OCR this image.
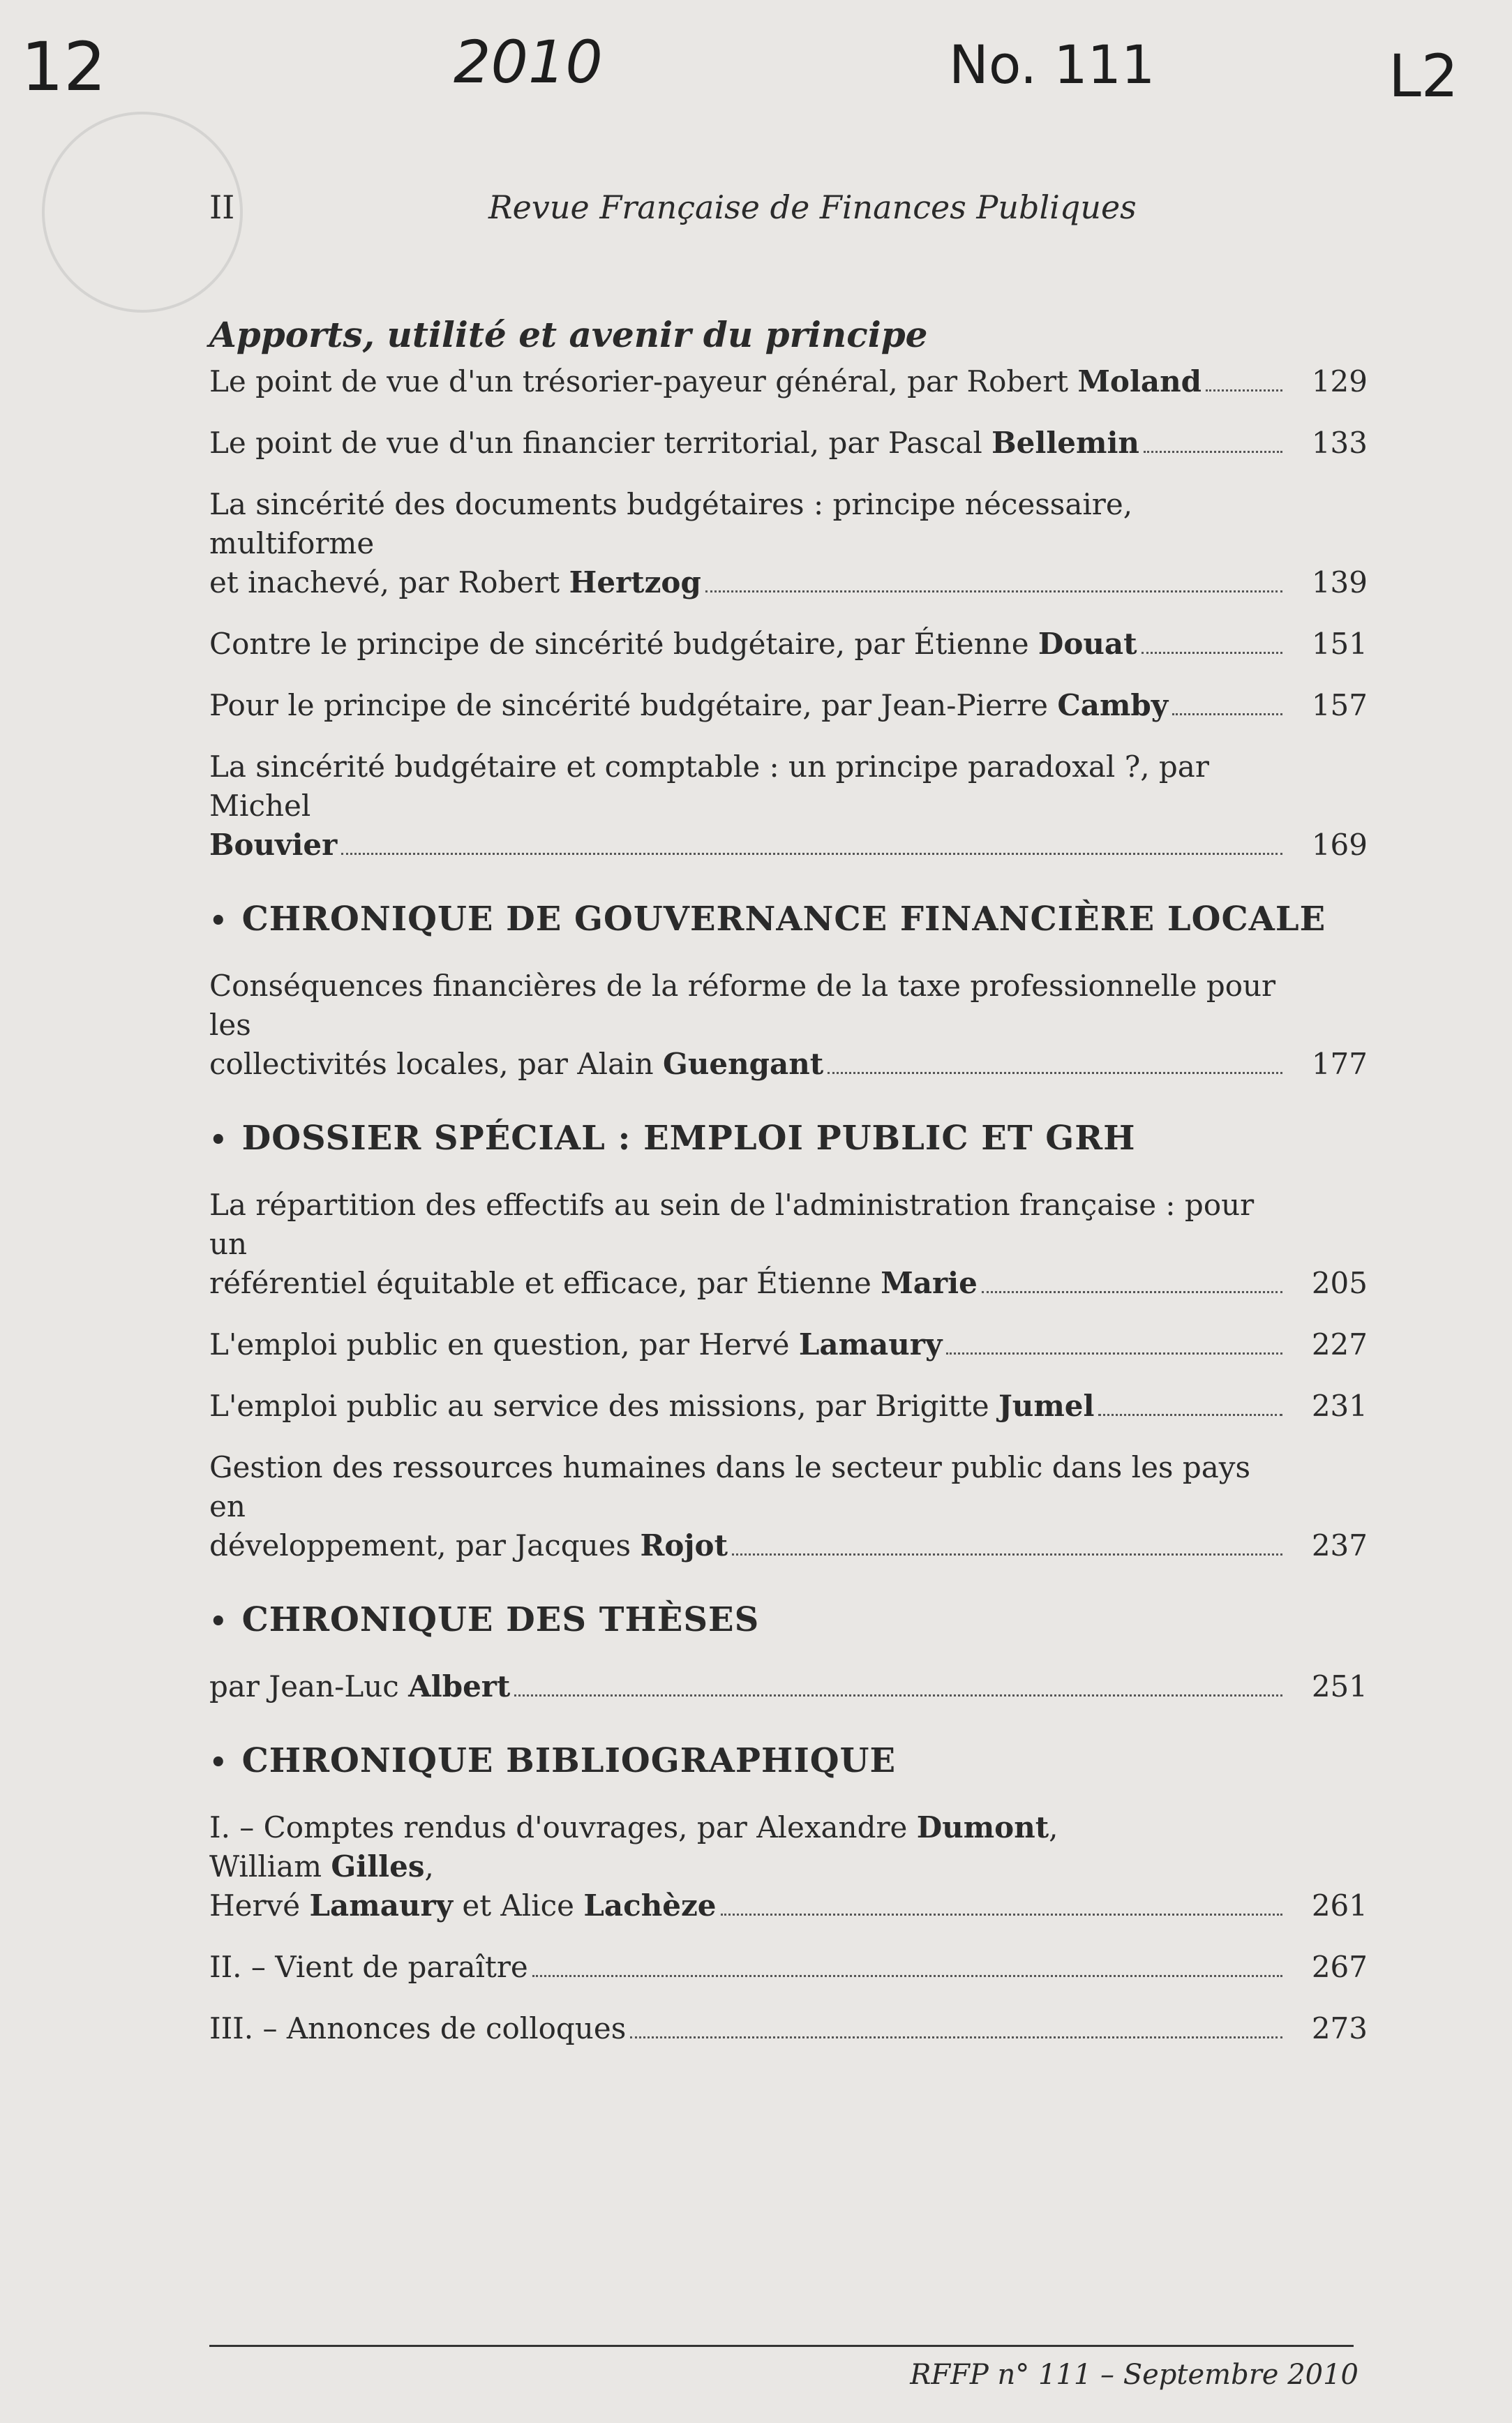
12	2010	No. 111	L2
II	Revue Française de Finances Publiques
Apports, utilité et avenir du principe
Le point de vue d'un trésorier-payeur général, par Robert
Moland	129
Le point de vue d'un financier territorial, par Pascal
Bellemin	133
La sincérité des documents budgétaires : principe nécessaire, multiforme
et inachevé, par Robert
Hertzog	139
Contre le principe de sincérité budgétaire, par Étienne
Douat	151
Pour le principe de sincérité budgétaire, par Jean-Pierre
Camby	157
La sincérité budgétaire et comptable : un principe paradoxal ?, par Michel
Bouvier	169
• CHRONIQUE DE GOUVERNANCE FINANCIÈRE LOCALE
Conséquences financières de la réforme de la taxe professionnelle pour les
collectivités locales, par Alain
Guengant	177
• DOSSIER SPÉCIAL : EMPLOI PUBLIC ET GRH
La répartition des effectifs au sein de l'administration française : pour un
référentiel équitable et efficace, par Étienne
Marie	205
L'emploi public en question, par Hervé
Lamaury	227
L'emploi public au service des missions, par Brigitte
Jumel	231
Gestion des ressources humaines dans le secteur public dans les pays en
développement, par Jacques
Rojot	237
• CHRONIQUE DES THÈSES
par Jean-Luc
Albert	251
• CHRONIQUE BIBLIOGRAPHIQUE
I. – Comptes rendus d'ouvrages, par Alexandre Dumont, William Gilles,
Hervé
Lamaury
et Alice
Lachèze	261
II. – Vient de paraître	267
III. – Annonces de colloques	273
RFFP n° 111 – Septembre 2010
